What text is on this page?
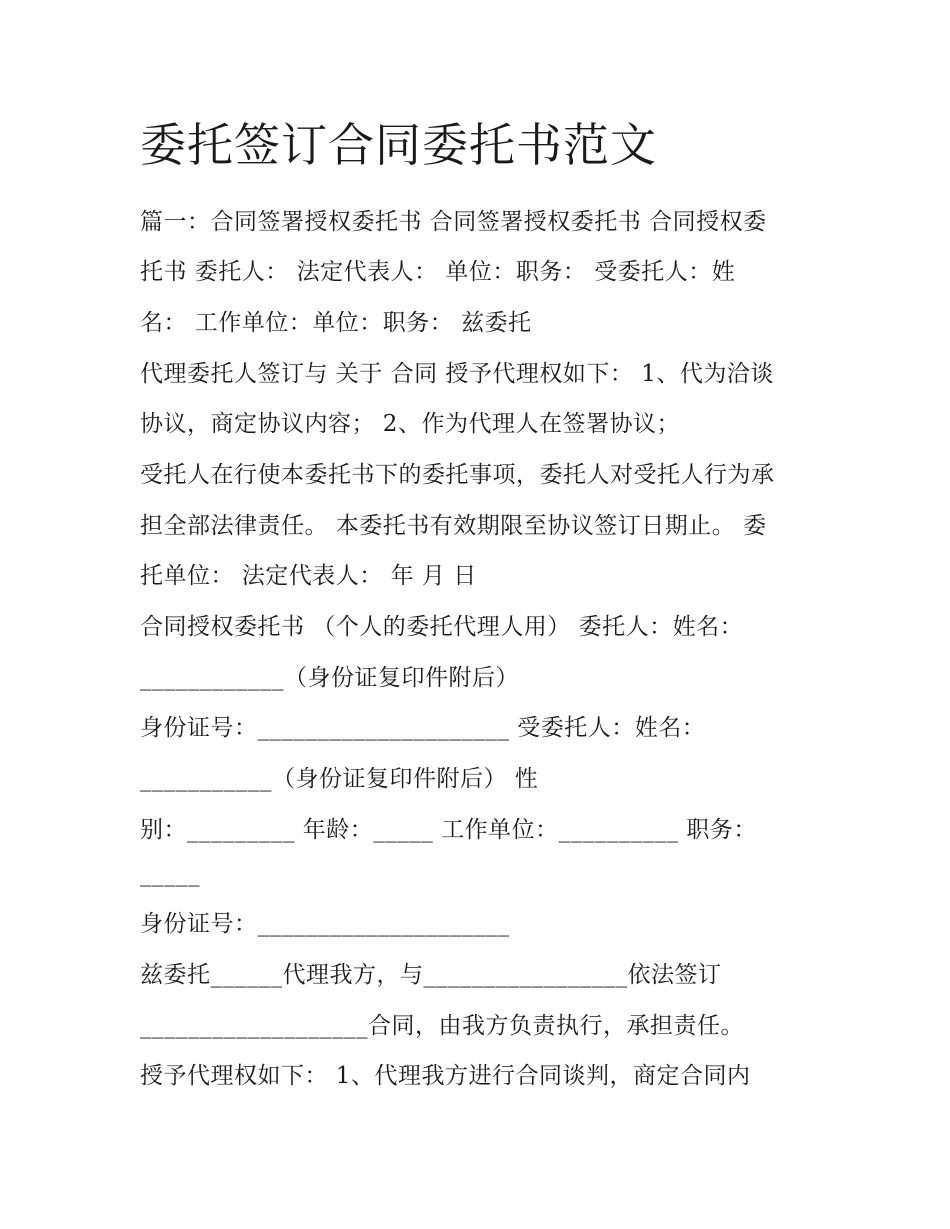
委托签订合同委托书范文
篇一：合同签署授权委托书 合同签署授权委托书 合同授权委
托书 委托人： 法定代表人： 单位：职务： 受委托人：姓
名： 工作单位：单位：职务： 兹委托
代理委托人签订与 关于 合同 授予代理权如下： 1、代为洽谈
协议，商定协议内容； 2、作为代理人在签署协议；
受托人在行使本委托书下的委托事项，委托人对受托人行为承
担全部法律责任。 本委托书有效期限至协议签订日期止。 委
托单位： 法定代表人： 年 月 日
合同授权委托书 （个人的委托代理人用） 委托人：姓名：
____________（身份证复印件附后）
身份证号：_____________________ 受委托人：姓名：
___________（身份证复印件附后） 性
别：_________ 年龄：_____ 工作单位：__________ 职务：
_____
身份证号：_____________________
兹委托______代理我方，与_________________依法签订
___________________合同，由我方负责执行，承担责任。
授予代理权如下： 1、代理我方进行合同谈判，商定合同内
